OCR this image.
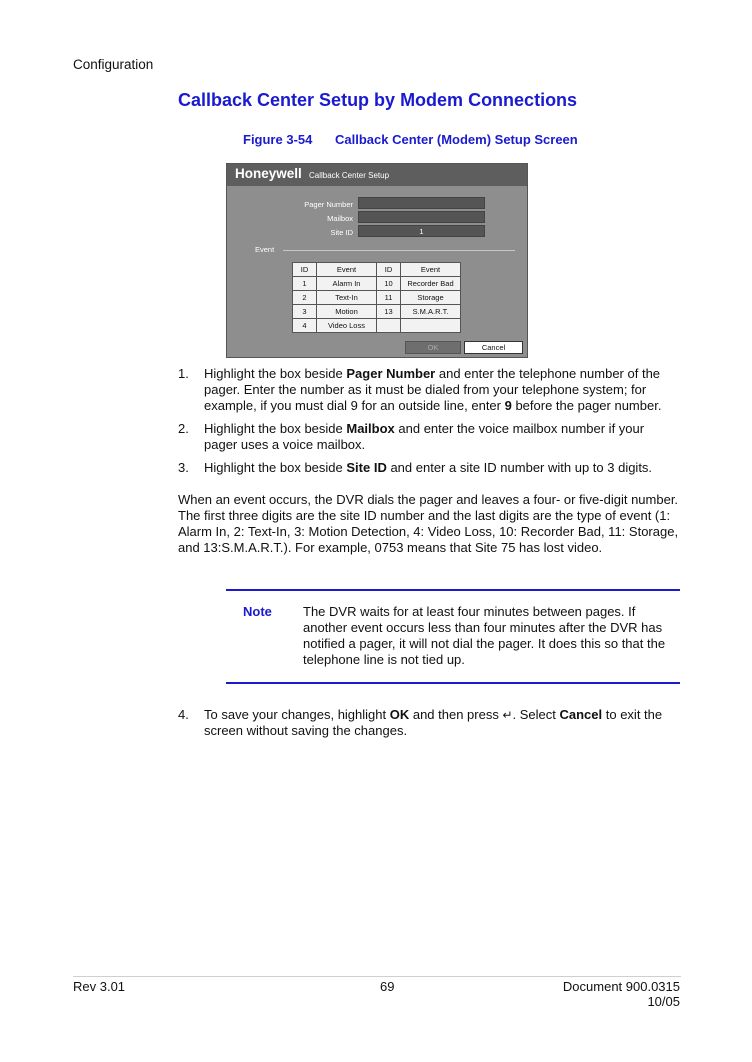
Configuration
Callback Center Setup by Modem Connections
Figure 3-54 Callback Center (Modem) Setup Screen
Honeywell Callback Center Setup
Pager Number
Mailbox
Site ID	1
Event
ID	Event	ID	Event
1	Alarm In	10	Recorder Bad
2	Text-In	11	Storage
3	Motion	13	S.M.A.R.T.
4	Video Loss		
OK	Cancel
1. Highlight the box beside Pager Number and enter the telephone number of the pager. Enter the number as it must be dialed from your telephone system; for example, if you must dial 9 for an outside line, enter 9 before the pager number.
2. Highlight the box beside Mailbox and enter the voice mailbox number if your pager uses a voice mailbox.
3. Highlight the box beside Site ID and enter a site ID number with up to 3 digits.
When an event occurs, the DVR dials the pager and leaves a four- or five-digit number. The first three digits are the site ID number and the last digits are the type of event (1: Alarm In, 2: Text-In, 3: Motion Detection, 4: Video Loss, 10: Recorder Bad, 11: Storage, and 13:S.M.A.R.T.). For example, 0753 means that Site 75 has lost video.
Note The DVR waits for at least four minutes between pages. If another event occurs less than four minutes after the DVR has notified a pager, it will not dial the pager. It does this so that the telephone line is not tied up.
4. To save your changes, highlight OK and then press ↵. Select Cancel to exit the screen without saving the changes.
Rev 3.01	69	Document 900.0315
10/05
